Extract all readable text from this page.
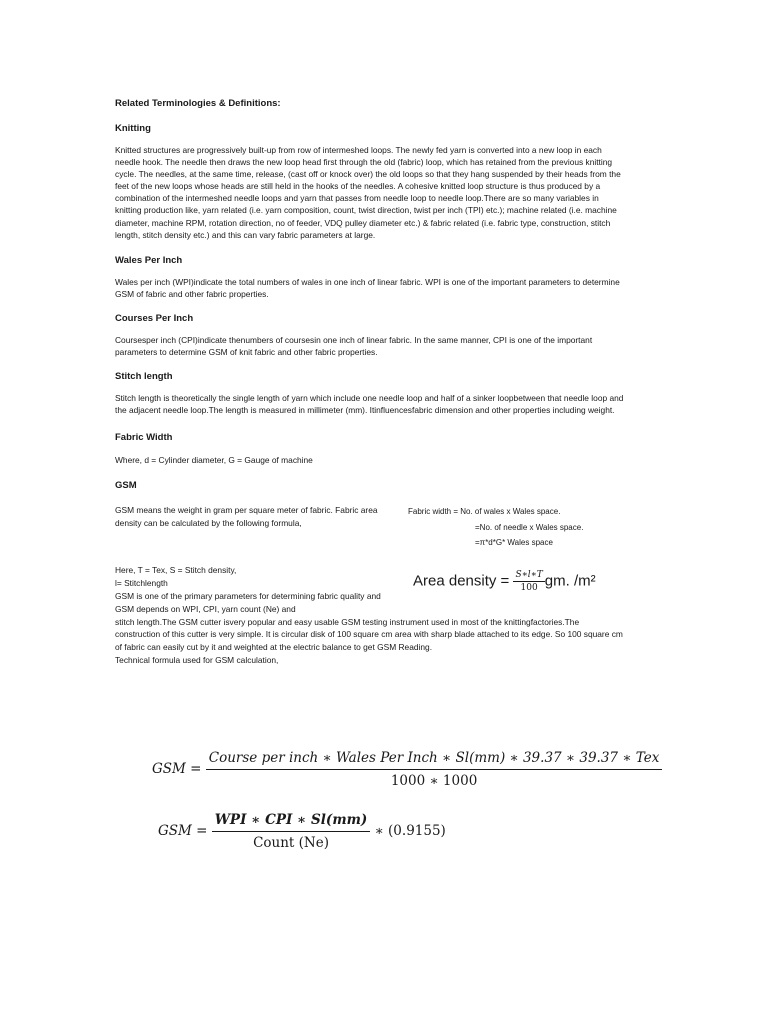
Related Terminologies & Definitions:
Knitting

Knitted structures are progressively built-up from row of intermeshed loops. The newly fed yarn is converted into a new loop in each needle hook. The needle then draws the new loop head first through the old (fabric) loop, which has retained from the previous knitting cycle. The needles, at the same time, release, (cast off or knock over) the old loops so that they hang suspended by their heads from the feet of the new loops whose heads are still held in the hooks of the needles. A cohesive knitted loop structure is thus produced by a combination of the intermeshed needle loops and yarn that passes from needle loop to needle loop.There are so many variables in knitting production like, yarn related (i.e. yarn composition, count, twist direction, twist per inch (TPI) etc.); machine related (i.e. machine diameter, machine RPM, rotation direction, no of feeder, VDQ pulley diameter etc.) & fabric related (i.e. fabric type, construction, stitch length, stitch density etc.) and this can vary fabric parameters at large.

Wales Per Inch

Wales per inch (WPI)indicate the total numbers of wales in one inch of linear fabric. WPI is one of the important parameters to determine GSM of fabric and other fabric properties.

Courses Per Inch

Coursesper inch (CPI)indicate thenumbers of coursesin one inch of linear fabric. In the same manner, CPI is one of the important parameters to determine GSM of knit fabric and other fabric properties.

Stitch length

Stitch length is theoretically the single length of yarn which include one needle loop and half of a sinker loopbetween that needle loop and the adjacent needle loop.The length is measured in millimeter (mm). Itinfluencesfabric dimension and other properties including weight.

Fabric Width

Where, d = Cylinder diameter, G = Gauge of machine

GSM
GSM means the weight in gram per square meter of fabric. Fabric area density can be calculated by the following formula,
Fabric width = No. of wales x Wales space.
=No. of needle x Wales space.
=π*d*G* Wales space
Here, T = Tex, S = Stitch density,
l= Stitchlength
GSM is one of the primary parameters for determining fabric quality and GSM depends on WPI, CPI, yarn count (Ne) and
Area density = $\frac{S∗l∗T}{100}$ gm. /m²
stitch length.The GSM cutter isvery popular and easy usable GSM testing instrument used in most of the knittingfactories.The construction of this cutter is very simple. It is circular disk of 100 square cm area with sharp blade attached to its edge. So 100 square cm of fabric can easily cut by it and weighted at the electric balance to get GSM Reading.
Technical formula used for GSM calculation,
GSM =
Course per inch ∗ Wales Per Inch ∗ Sl(mm) ∗ 39.37 ∗ 39.37 ∗ Tex
1000 ∗ 1000
GSM = $\frac{\text{WPI ∗ CPI ∗ Sl(mm)}}{\text{Count (Ne)}}$ ∗ (0.9155)
